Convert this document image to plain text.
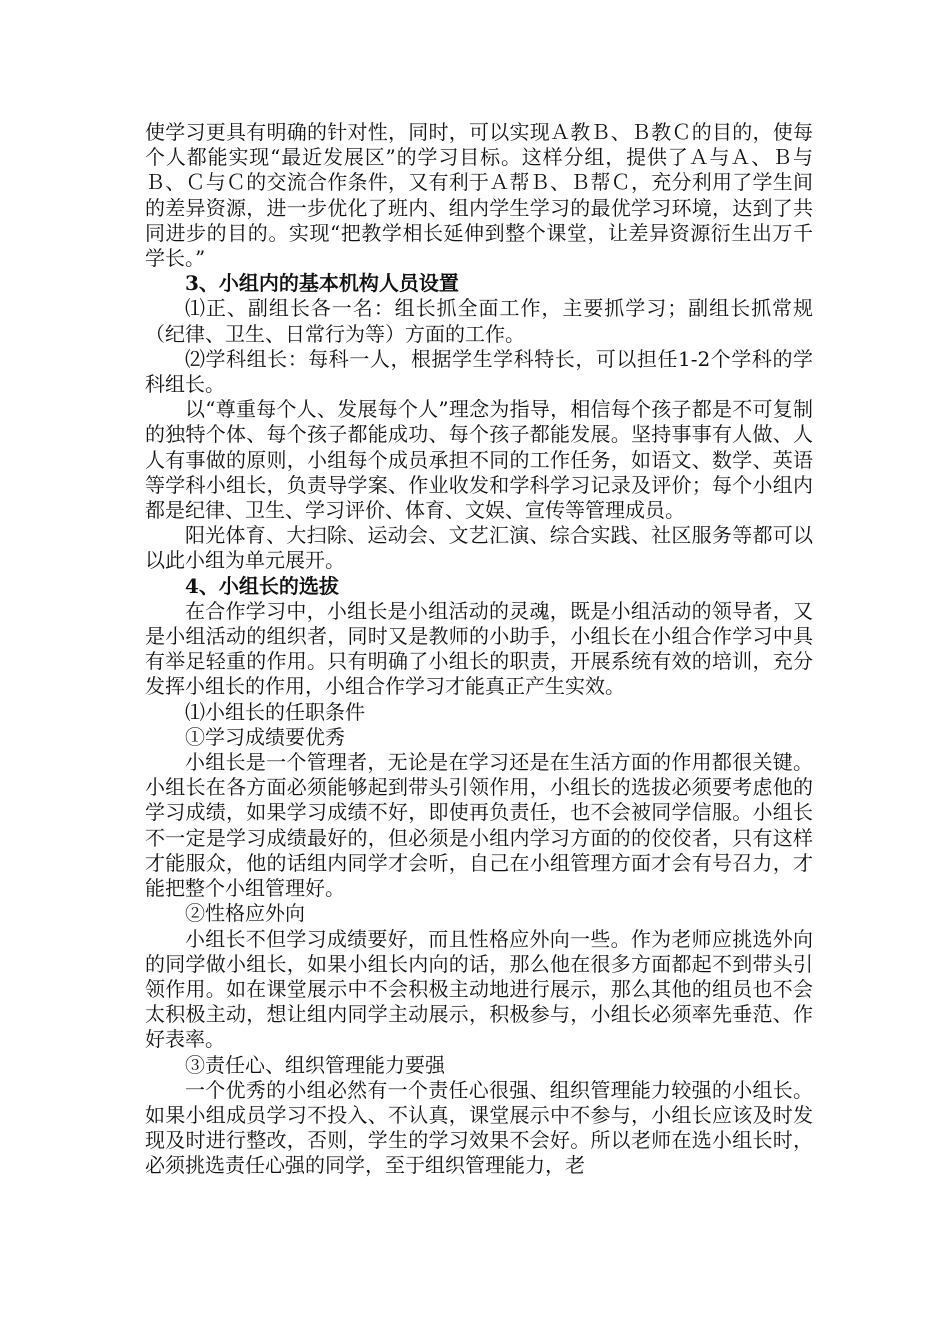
使学习更具有明确的针对性，同时，可以实现Ａ教Ｂ、Ｂ教Ｃ的目的，使每个人都能实现“最近发展区”的学习目标。这样分组，提供了Ａ与Ａ、Ｂ与Ｂ、Ｃ与Ｃ的交流合作条件，又有利于Ａ帮Ｂ、Ｂ帮Ｃ，充分利用了学生间的差异资源，进一步优化了班内、组内学生学习的最优学习环境，达到了共同进步的目的。实现“把教学相长延伸到整个课堂，让差异资源衍生出万千学长。”

3、小组内的基本机构人员设置

⑴正、副组长各一名：组长抓全面工作，主要抓学习；副组长抓常规（纪律、卫生、日常行为等）方面的工作。

⑵学科组长：每科一人，根据学生学科特长，可以担任1-2个学科的学科组长。

以“尊重每个人、发展每个人”理念为指导，相信每个孩子都是不可复制的独特个体、每个孩子都能成功、每个孩子都能发展。坚持事事有人做、人人有事做的原则，小组每个成员承担不同的工作任务，如语文、数学、英语等学科小组长，负责导学案、作业收发和学科学习记录及评价；每个小组内都是纪律、卫生、学习评价、体育、文娱、宣传等管理成员。

阳光体育、大扫除、运动会、文艺汇演、综合实践、社区服务等都可以以此小组为单元展开。

4、小组长的选拔

在合作学习中，小组长是小组活动的灵魂，既是小组活动的领导者，又是小组活动的组织者，同时又是教师的小助手，小组长在小组合作学习中具有举足轻重的作用。只有明确了小组长的职责，开展系统有效的培训，充分发挥小组长的作用，小组合作学习才能真正产生实效。

⑴小组长的任职条件

①学习成绩要优秀

小组长是一个管理者，无论是在学习还是在生活方面的作用都很关键。小组长在各方面必须能够起到带头引领作用，小组长的选拔必须要考虑他的学习成绩，如果学习成绩不好，即使再负责任，也不会被同学信服。小组长不一定是学习成绩最好的，但必须是小组内学习方面的的佼佼者，只有这样才能服众，他的话组内同学才会听，自己在小组管理方面才会有号召力，才能把整个小组管理好。

②性格应外向

小组长不但学习成绩要好，而且性格应外向一些。作为老师应挑选外向的同学做小组长，如果小组长内向的话，那么他在很多方面都起不到带头引领作用。如在课堂展示中不会积极主动地进行展示，那么其他的组员也不会太积极主动，想让组内同学主动展示，积极参与，小组长必须率先垂范、作好表率。

③责任心、组织管理能力要强

一个优秀的小组必然有一个责任心很强、组织管理能力较强的小组长。如果小组成员学习不投入、不认真，课堂展示中不参与，小组长应该及时发现及时进行整改，否则，学生的学习效果不会好。所以老师在选小组长时，必须挑选责任心强的同学，至于组织管理能力，老
